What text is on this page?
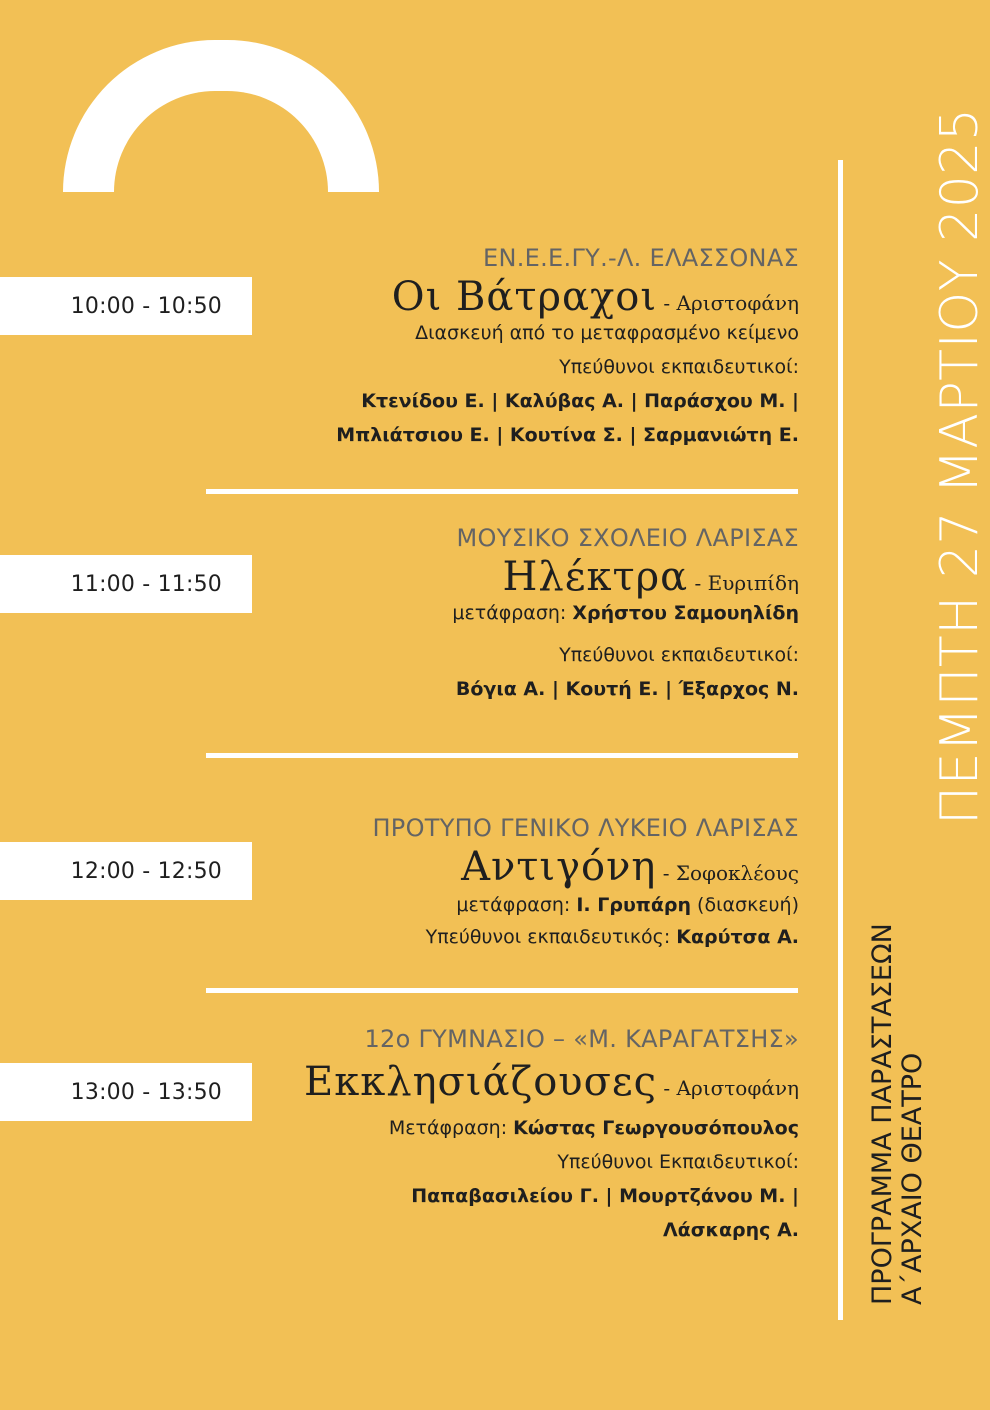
ΠΕΜΠΤΗ 27 ΜΑΡΤΙΟΥ 2025
ΠΡΟΓΡΑΜΜΑ ΠΑΡΑΣΤΑΣΕΩΝ Α΄ΑΡΧΑΙΟ ΘΕΑΤΡΟ
10:00 - 10:50
ΕΝ.Ε.Ε.ΓΥ.-Λ. ΕΛΑΣΣΟΝΑΣ
Οι Βάτραχοι - Αριστοφάνη
Διασκευή από το μεταφρασμένο κείμενο
Υπεύθυνοι εκπαιδευτικοί:
Κτενίδου Ε. | Καλύβας Α. | Παράσχου Μ. |
Μπλιάτσιου Ε. | Κουτίνα Σ. | Σαρμανιώτη Ε.
11:00 - 11:50
ΜΟΥΣΙΚΟ ΣΧΟΛΕΙΟ ΛΑΡΙΣΑΣ
Ηλέκτρα - Ευριπίδη
μετάφραση: Χρήστου Σαμουηλίδη
Υπεύθυνοι εκπαιδευτικοί:
Βόγια Α. | Κουτή Ε. | Έξαρχος Ν.
12:00 - 12:50
ΠΡΟΤΥΠΟ ΓΕΝΙΚΟ ΛΥΚΕΙΟ ΛΑΡΙΣΑΣ
Αντιγόνη - Σοφοκλέους
μετάφραση: Ι. Γρυπάρη (διασκευή)
Υπεύθυνοι εκπαιδευτικός: Καρύτσα Α.
13:00 - 13:50
12ο ΓΥΜΝΑΣΙΟ – «Μ. ΚΑΡΑΓΑΤΣΗΣ»
Εκκλησιάζουσες - Αριστοφάνη
Μετάφραση: Κώστας Γεωργουσόπουλος
Υπεύθυνοι Εκπαιδευτικοί:
Παπαβασιλείου Γ. | Μουρτζάνου Μ. |
Λάσκαρης Α.
